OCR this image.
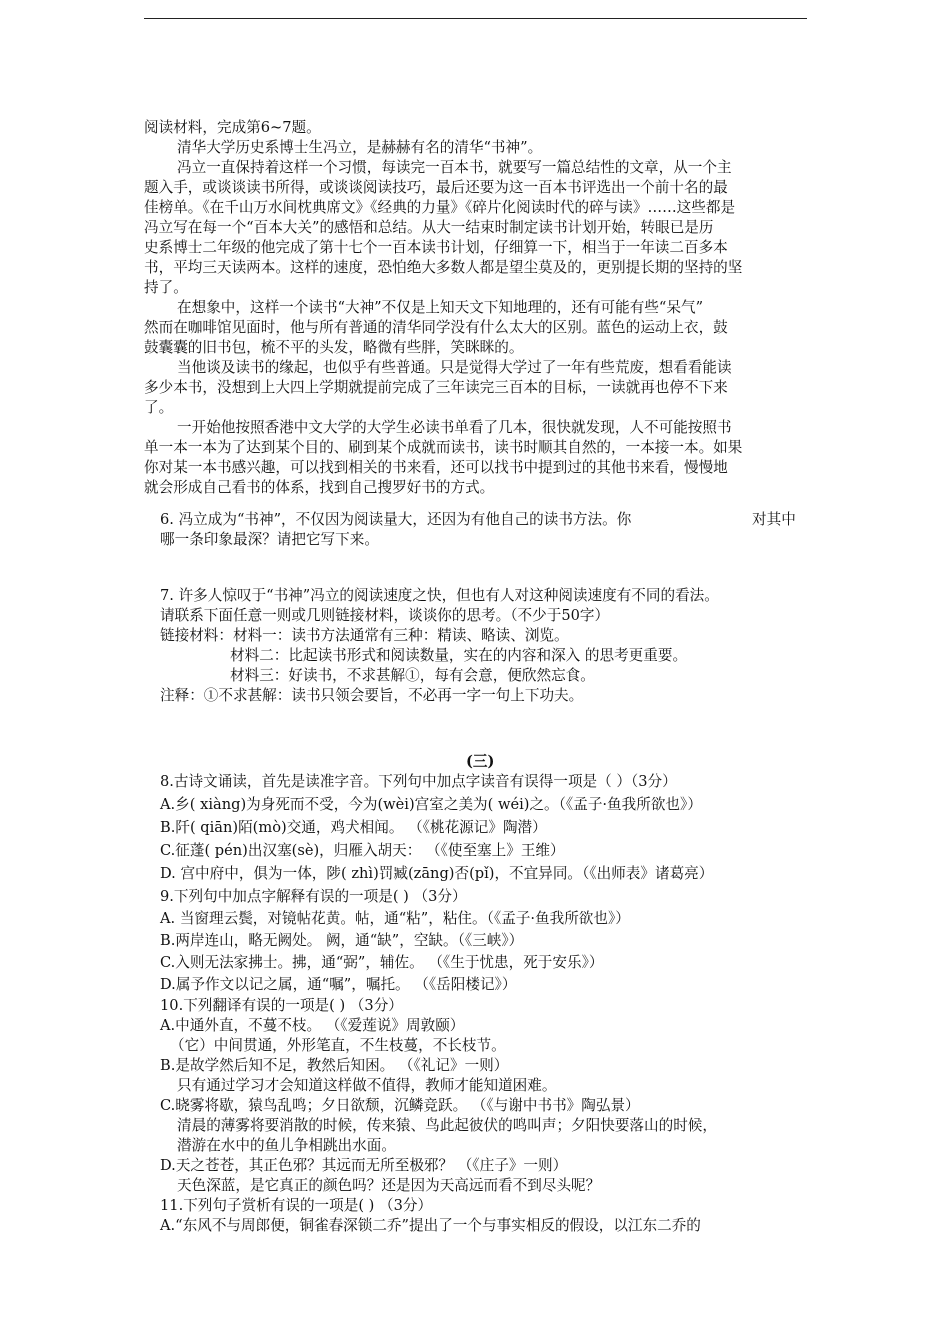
阅读材料，完成第6~7题。
清华大学历史系博士生冯立，是赫赫有名的清华“书神”。
冯立一直保持着这样一个习惯，每读完一百本书，就要写一篇总结性的文章，从一个主
题入手，或谈谈读书所得，或谈谈阅读技巧，最后还要为这一百本书评选出一个前十名的最
佳榜单。《在千山万水间枕典席文》《经典的力量》《碎片化阅读时代的碎与读》……这些都是
冯立写在每一个“百本大关”的感悟和总结。从大一结束时制定读书计划开始，转眼已是历
史系博士二年级的他完成了第十七个一百本读书计划，仔细算一下，相当于一年读二百多本
书，平均三天读两本。这样的速度，恐怕绝大多数人都是望尘莫及的，更别提长期的坚持的坚
持了。
在想象中，这样一个读书“大神”不仅是上知天文下知地理的，还有可能有些“呆气”
然而在咖啡馆见面时，他与所有普通的清华同学没有什么太大的区别。蓝色的运动上衣，鼓
鼓囊囊的旧书包，梳不平的头发，略微有些胖，笑眯眯的。
当他谈及读书的缘起，也似乎有些普通。只是觉得大学过了一年有些荒废，想看看能读
多少本书，没想到上大四上学期就提前完成了三年读完三百本的目标，一读就再也停不下来
了。
一开始他按照香港中文大学的大学生必读书单看了几本，很快就发现，人不可能按照书
单一本一本为了达到某个目的、刷到某个成就而读书，读书时顺其自然的，一本接一本。如果
你对某一本书感兴趣，可以找到相关的书来看，还可以找书中提到过的其他书来看，慢慢地
就会形成自己看书的体系，找到自己搜罗好书的方式。
6. 冯立成为“书神”，不仅因为阅读量大，还因为有他自己的读书方法。你	对其中
哪一条印象最深？请把它写下来。
7. 许多人惊叹于“书神”冯立的阅读速度之快，但也有人对这种阅读速度有不同的看法。
请联系下面任意一则或几则链接材料，谈谈你的思考。（不少于50字）
链接材料：材料一：读书方法通常有三种：精读、略读、浏览。
材料二：比起读书形式和阅读数量，实在的内容和深入 的思考更重要。
材料三：好读书，不求甚解①，每有会意，便欣然忘食。
注释：①不求甚解：读书只领会要旨，不必再一字一句上下功夫。
(三)
8.古诗文诵读，首先是读准字音。下列句中加点字读音有误得一项是（ ）（3分）
A.乡( xiàng)为身死而不受，今为(wèi)宫室之美为( wéi)之。（《孟子·鱼我所欲也》）
B.阡( qiān)陌(mò)交通，鸡犬相闻。 （《桃花源记》陶潜）
C.征蓬( pén)出汉塞(sè)，归雁入胡天： （《使至塞上》王维）
D. 宫中府中，俱为一体，陟( zhì)罚臧(zāng)否(pǐ)，不宜异同。（《出师表》诸葛亮）
9.下列句中加点字解释有误的一项是( ) （3分）
A. 当窗理云鬓，对镜帖花黄。帖，通“粘”，粘住。（《孟子·鱼我所欲也》）
B.两岸连山，略无阙处。 阙，通“缺”，空缺。（《三峡》）
C.入则无法家拂士。拂，通“弼”，辅佐。 （《生于忧患，死于安乐》）
D.属予作文以记之属，通“嘱”，嘱托。 （《岳阳楼记》）
10.下列翻译有误的一项是( ) （3分）
A.中通外直，不蔓不枝。 （《爱莲说》周敦颐）
（它）中间贯通，外形笔直，不生枝蔓，不长枝节。
B.是故学然后知不足，教然后知困。 （《礼记》一则）
只有通过学习才会知道这样做不值得，教师才能知道困难。
C.晓雾将歇，猿鸟乱鸣；夕日欲颓，沉鳞竞跃。 （《与谢中书书》陶弘景）
清晨的薄雾将要消散的时候，传来猿、鸟此起彼伏的鸣叫声；夕阳快要落山的时候，
潜游在水中的鱼儿争相跳出水面。
D.天之苍苍，其正色邪？其远而无所至极邪？ （《庄子》一则）
天色深蓝，是它真正的颜色吗？还是因为天高远而看不到尽头呢？
11.下列句子赏析有误的一项是( ) （3分）
A.“东风不与周郎便，铜雀春深锁二乔”提出了一个与事实相反的假设，以江东二乔的
